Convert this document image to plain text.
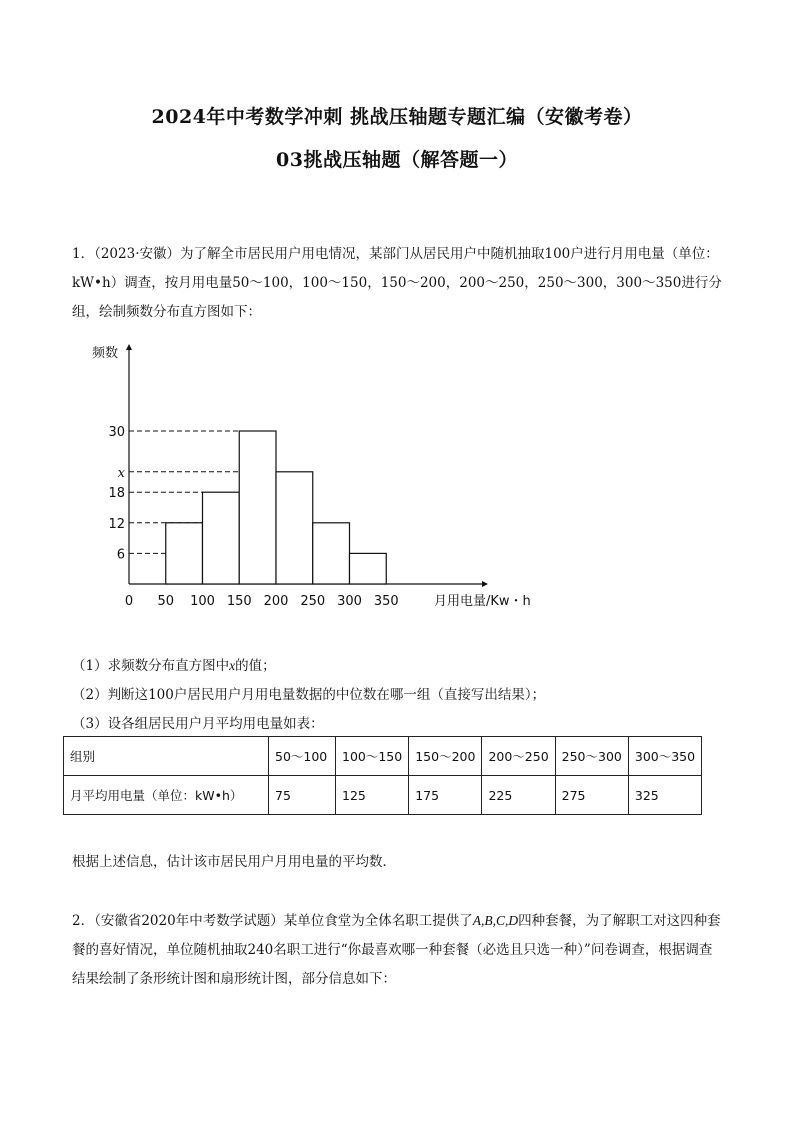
2024年中考数学冲刺 挑战压轴题专题汇编（安徽考卷）
03挑战压轴题（解答题一）
1．（2023·安徽）为了解全市居民用户用电情况，某部门从居民用户中随机抽取100户进行月用电量（单位：kW•h）调查，按月用电量50～100，100～150，150～200，200～250，250～300，300～350进行分组，绘制频数分布直方图如下：
频数
月用电量/Kw・h
0 50 100 150 200 250 300 350
30
x
18
12
6
（1）求频数分布直方图中x的值；
（2）判断这100户居民用户月用电量数据的中位数在哪一组（直接写出结果）；
（3）设各组居民用户月平均用电量如表：
组别	50～100	100～150	150～200	200～250	250～300	300～350
月平均用电量（单位：kW•h）	75	125	175	225	275	325
根据上述信息，估计该市居民用户月用电量的平均数．
2．（安徽省2020年中考数学试题）某单位食堂为全体名职工提供了A,B,C,D四种套餐，为了解职工对这四种套餐的喜好情况，单位随机抽取240名职工进行“你最喜欢哪一种套餐（必选且只选一种）”问卷调查，根据调查结果绘制了条形统计图和扇形统计图，部分信息如下：
